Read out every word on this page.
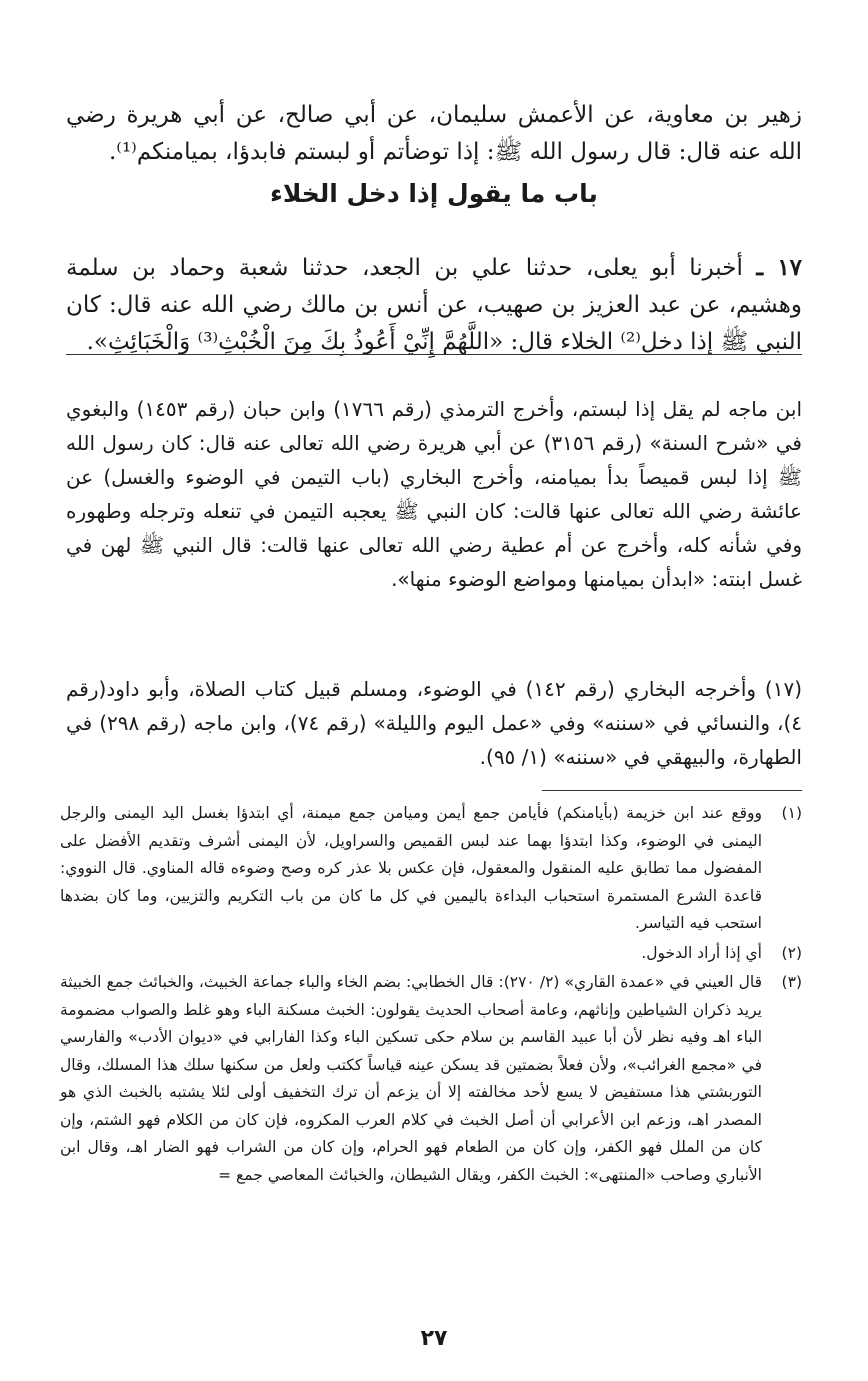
زهير بن معاوية، عن الأعمش سليمان، عن أبي صالح، عن أبي هريرة رضي الله عنه قال: قال رسول الله ﷺ: إذا توضأتم أو لبستم فابدؤا، بميامنكم⁽¹⁾.

باب ما يقول إذا دخل الخلاء

١٧ ـ أخبرنا أبو يعلى، حدثنا علي بن الجعد، حدثنا شعبة وحماد بن سلمة وهشيم، عن عبد العزيز بن صهيب، عن أنس بن مالك رضي الله عنه قال: كان النبي ﷺ إذا دخل⁽²⁾ الخلاء قال: «اللَّهُمَّ إِنِّيْ أَعُوذُ بِكَ مِنَ الْخُبْثِ⁽³⁾ وَالْخَبَائِثِ».

ابن ماجه لم يقل إذا لبستم، وأخرج الترمذي (رقم ١٧٦٦) وابن حبان (رقم ١٤٥٣) والبغوي في «شرح السنة» (رقم ٣١٥٦) عن أبي هريرة رضي الله تعالى عنه قال: كان رسول الله ﷺ إذا لبس قميصاً بدأ بميامنه، وأخرج البخاري (باب التيمن في الوضوء والغسل) عن عائشة رضي الله تعالى عنها قالت: كان النبي ﷺ يعجبه التيمن في تنعله وترجله وطهوره وفي شأنه كله، وأخرج عن أم عطية رضي الله تعالى عنها قالت: قال النبي ﷺ لهن في غسل ابنته: «ابدأن بميامنها ومواضع الوضوء منها».

(١٧) وأخرجه البخاري (رقم ١٤٢) في الوضوء، ومسلم قبيل كتاب الصلاة، وأبو داود(رقم ٤)، والنسائي في «سننه» وفي «عمل اليوم والليلة» (رقم ٧٤)، وابن ماجه (رقم ٢٩٨) في الطهارة، والبيهقي في «سننه» (١/ ٩٥).

(١)
ووقع عند ابن خزيمة (بأيامنكم) فأيامن جمع أيمن وميامن جمع ميمنة، أي ابتدؤا بغسل اليد اليمنى والرجل اليمنى في الوضوء، وكذا ابتدؤا بهما عند لبس القميص والسراويل، لأن اليمنى أشرف وتقديم الأفضل على المفضول مما تطابق عليه المنقول والمعقول، فإن عكس بلا عذر كره وصح وضوءه قاله المناوي. قال النووي: قاعدة الشرع المستمرة استحباب البداءة باليمين في كل ما كان من باب التكريم والتزيين، وما كان بضدها استحب فيه التياسر.
(٢)
أي إذا أراد الدخول.
(٣)
قال العيني في «عمدة القاري» (٢/ ٢٧٠): قال الخطابي: بضم الخاء والباء جماعة الخبيث، والخبائث جمع الخبيثة يريد ذكران الشياطين وإناثهم، وعامة أصحاب الحديث يقولون: الخبث مسكنة الباء وهو غلط والصواب مضمومة الباء اهـ وفيه نظر لأن أبا عبيد القاسم بن سلام حكى تسكين الباء وكذا الفارابي في «ديوان الأدب» والفارسي في «مجمع الغرائب»، ولأن فعلاً بضمتين قد يسكن عينه قياساً ككتب ولعل من سكنها سلك هذا المسلك، وقال التوربشتي هذا مستفيض لا يسع لأحد مخالفته إلا أن يزعم أن ترك التخفيف أولى لئلا يشتبه بالخبث الذي هو المصدر اهـ، وزعم ابن الأعرابي أن أصل الخبث في كلام العرب المكروه، فإن كان من الكلام فهو الشتم، وإن كان من الملل فهو الكفر، وإن كان من الطعام فهو الحرام، وإن كان من الشراب فهو الضار اهـ، وقال ابن الأنباري وصاحب «المنتهى»: الخبث الكفر، ويقال الشيطان، والخبائث المعاصي جمع =
٢٧
